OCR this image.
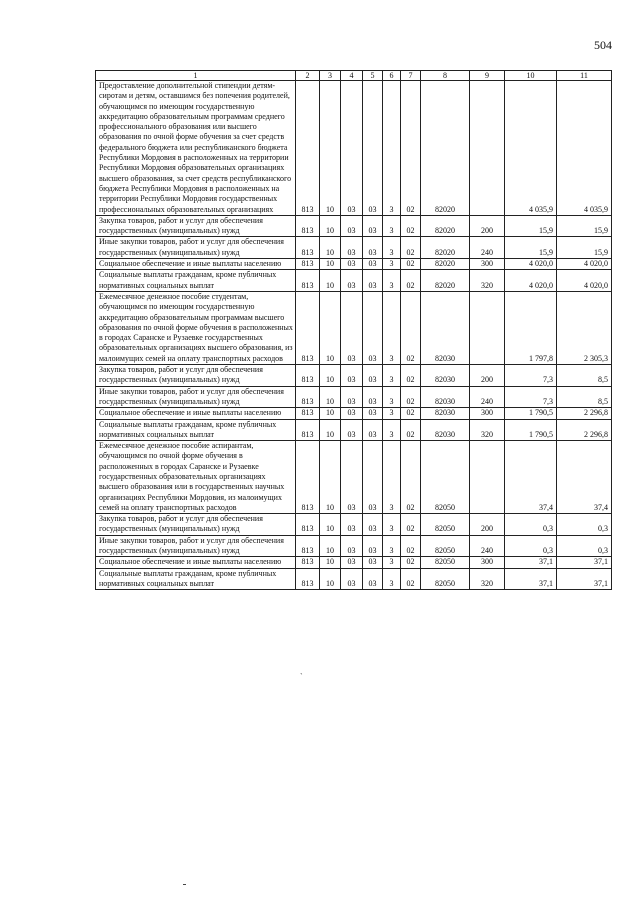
504
1	2	3	4	5	6	7	8	9	10	11
Предоставление дополнительной стипендии детям-сиротам и детям, оставшимся без попечения родителей, обучающимся по имеющим государственную аккредитацию образовательным программам среднего профессионального образования или высшего образования по очной форме обучения за счет средств федерального бюджета или республиканского бюджета Республики Мордовия в расположенных на территории Республики Мордовия образовательных организациях высшего образования, за счет средств республиканского бюджета Республики Мордовия в расположенных на территории Республики Мордовия государственных профессиональных образовательных организациях	813	10	03	03	3	02	82020		4 035,9	4 035,9
Закупка товаров, работ и услуг для обеспечения государственных (муниципальных) нужд	813	10	03	03	3	02	82020	200	15,9	15,9
Иные закупки товаров, работ и услуг для обеспечения государственных (муниципальных) нужд	813	10	03	03	3	02	82020	240	15,9	15,9
Социальное обеспечение и иные выплаты населению	813	10	03	03	3	02	82020	300	4 020,0	4 020,0
Социальные выплаты гражданам, кроме публичных нормативных социальных выплат	813	10	03	03	3	02	82020	320	4 020,0	4 020,0
Ежемесячное денежное пособие студентам, обучающимся по имеющим государственную аккредитацию образовательным программам высшего образования по очной форме обучения в расположенных в городах Саранске и Рузаевке государственных образовательных организациях высшего образования, из малоимущих семей на оплату транспортных расходов	813	10	03	03	3	02	82030		1 797,8	2 305,3
Закупка товаров, работ и услуг для обеспечения государственных (муниципальных) нужд	813	10	03	03	3	02	82030	200	7,3	8,5
Иные закупки товаров, работ и услуг для обеспечения государственных (муниципальных) нужд	813	10	03	03	3	02	82030	240	7,3	8,5
Социальное обеспечение и иные выплаты населению	813	10	03	03	3	02	82030	300	1 790,5	2 296,8
Социальные выплаты гражданам, кроме публичных нормативных социальных выплат	813	10	03	03	3	02	82030	320	1 790,5	2 296,8
Ежемесячное денежное пособие аспирантам, обучающимся по очной форме обучения в расположенных в городах Саранске и Рузаевке государственных образовательных организациях высшего образования или в государственных научных организациях Республики Мордовия, из малоимущих семей на оплату транспортных расходов	813	10	03	03	3	02	82050		37,4	37,4
Закупка товаров, работ и услуг для обеспечения государственных (муниципальных) нужд	813	10	03	03	3	02	82050	200	0,3	0,3
Иные закупки товаров, работ и услуг для обеспечения государственных (муниципальных) нужд	813	10	03	03	3	02	82050	240	0,3	0,3
Социальное обеспечение и иные выплаты населению	813	10	03	03	3	02	82050	300	37,1	37,1
Социальные выплаты гражданам, кроме публичных нормативных социальных выплат	813	10	03	03	3	02	82050	320	37,1	37,1
`
